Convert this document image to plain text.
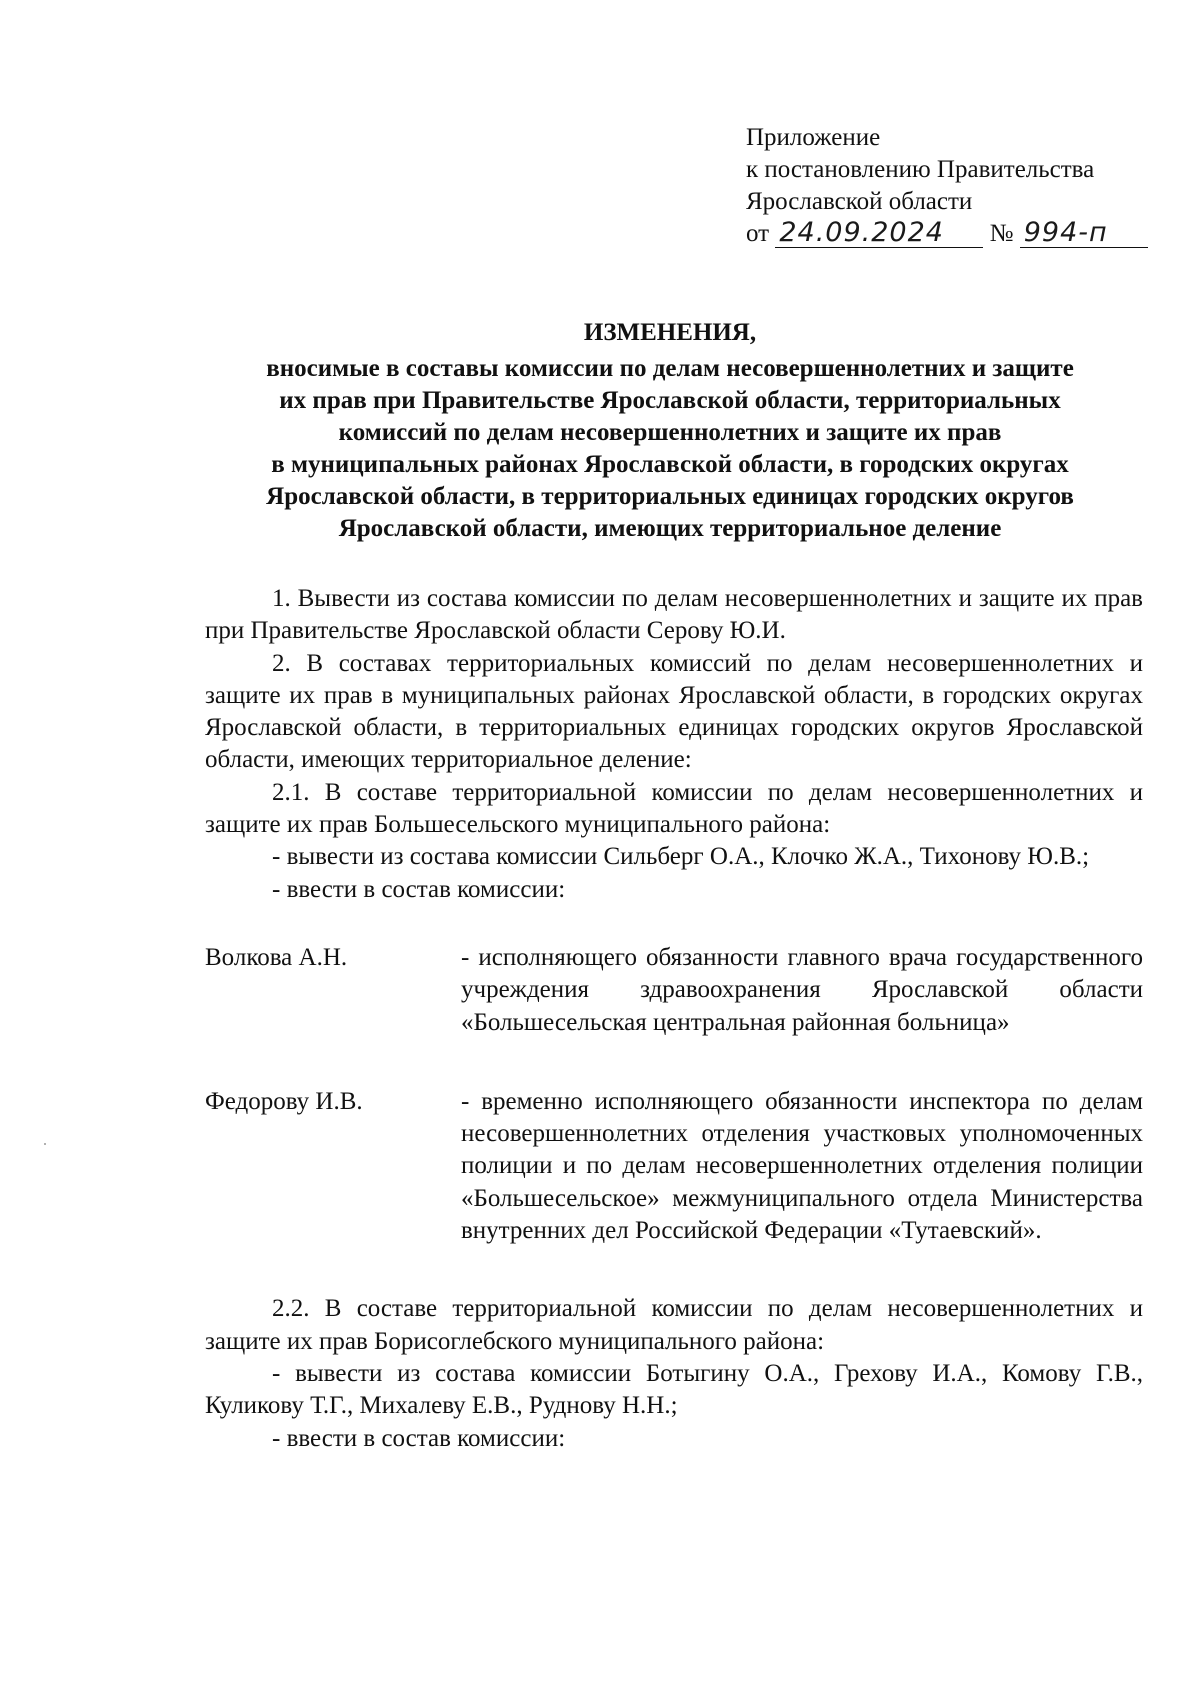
Приложение
к постановлению Правительства
Ярославской области
от 24.09.2024 № 994-п
ИЗМЕНЕНИЯ,
вносимые в составы комиссии по делам несовершеннолетних и защите
их прав при Правительстве Ярославской области, территориальных
комиссий по делам несовершеннолетних и защите их прав
в муниципальных районах Ярославской области, в городских округах
Ярославской области, в территориальных единицах городских округов
Ярославской области, имеющих территориальное деление

1. Вывести из состава комиссии по делам несовершеннолетних и защите их прав при Правительстве Ярославской области Серову Ю.И.

2. В составах территориальных комиссий по делам несовершеннолетних и защите их прав в муниципальных районах Ярославской области, в городских округах Ярославской области, в территориальных единицах городских округов Ярославской области, имеющих территориальное деление:

2.1. В составе территориальной комиссии по делам несовершеннолетних и защите их прав Большесельского муниципального района:

- вывести из состава комиссии Сильберг О.А., Клочко Ж.А., Тихонову Ю.В.;

- ввести в состав комиссии:

Волкова А.Н.	- исполняющего обязанности главного врача государственного учреждения здравоохранения Ярославской области «Большесельская центральная районная больница»
Федорову И.В.	- временно исполняющего обязанности инспектора по делам несовершеннолетних отделения участковых уполномоченных полиции и по делам несовершеннолетних отделения полиции «Большесельское» межмуниципального отдела Министерства внутренних дел Российской Федерации «Тутаевский».

2.2. В составе территориальной комиссии по делам несовершеннолетних и защите их прав Борисоглебского муниципального района:

- вывести из состава комиссии Ботыгину О.А., Грехову И.А., Комову Г.В., Куликову Т.Г., Михалеву Е.В., Руднову Н.Н.;

- ввести в состав комиссии:
